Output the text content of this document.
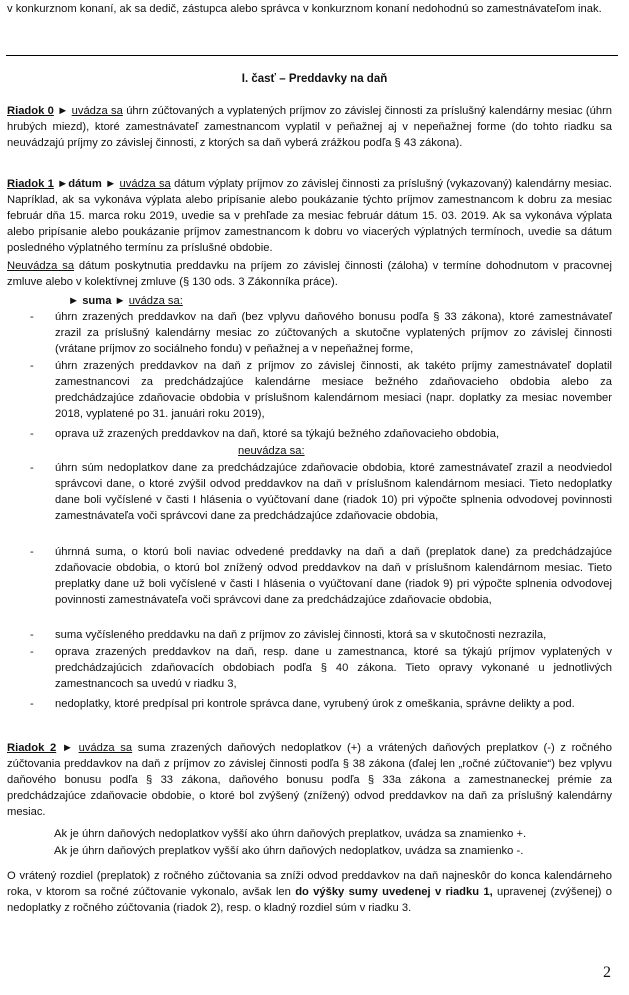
v konkurznom konaní, ak sa dedič, zástupca alebo správca v konkurznom konaní nedohodnú so zamestnávateľom inak.
I. časť – Preddavky na daň
Riadok 0 ► uvádza sa úhrn zúčtovaných a vyplatených príjmov zo závislej činnosti za príslušný kalendárny mesiac (úhrn hrubých miezd), ktoré zamestnávateľ zamestnancom vyplatil v peňažnej aj v nepeňažnej forme (do tohto riadku sa neuvádzajú príjmy zo závislej činnosti, z ktorých sa daň vyberá zrážkou podľa § 43 zákona).
Riadok 1 ►dátum ► uvádza sa dátum výplaty príjmov zo závislej činnosti za príslušný (vykazovaný) kalendárny mesiac. Napríklad, ak sa vykonáva výplata alebo pripísanie alebo poukázanie týchto príjmov zamestnancom k dobru za mesiac február dňa 15. marca roku 2019, uvedie sa v prehľade za mesiac február dátum 15. 03. 2019. Ak sa vykonáva výplata alebo pripísanie alebo poukázanie príjmov zamestnancom k dobru vo viacerých výplatných termínoch, uvedie sa dátum posledného výplatného termínu za príslušné obdobie.
Neuvádza sa dátum poskytnutia preddavku na príjem zo závislej činnosti (záloha) v termíne dohodnutom v pracovnej zmluve alebo v kolektívnej zmluve (§ 130 ods. 3 Zákonníka práce).
► suma ► uvádza sa:
-	úhrn zrazených preddavkov na daň (bez vplyvu daňového bonusu podľa § 33 zákona), ktoré zamestnávateľ zrazil za príslušný kalendárny mesiac zo zúčtovaných a skutočne vyplatených príjmov zo závislej činnosti (vrátane príjmov zo sociálneho fondu) v peňažnej a v nepeňažnej forme,
-	úhrn zrazených preddavkov na daň z príjmov zo závislej činnosti, ak takéto príjmy zamestnávateľ doplatil zamestnancovi za predchádzajúce kalendárne mesiace bežného zdaňovacieho obdobia alebo za predchádzajúce zdaňovacie obdobia v príslušnom kalendárnom mesiaci (napr. doplatky za mesiac november 2018, vyplatené po 31. januári roku 2019),
-	oprava už zrazených preddavkov na daň, ktoré sa týkajú bežného zdaňovacieho obdobia,
neuvádza sa:
-	úhrn súm nedoplatkov dane za predchádzajúce zdaňovacie obdobia, ktoré zamestnávateľ zrazil a neodviedol správcovi dane, o ktoré zvýšil odvod preddavkov na daň v príslušnom kalendárnom mesiaci. Tieto nedoplatky dane boli vyčíslené v časti I hlásenia o vyúčtovaní dane (riadok 10) pri výpočte splnenia odvodovej povinnosti zamestnávateľa voči správcovi dane za predchádzajúce zdaňovacie obdobia,
-	úhrnná suma, o ktorú boli naviac odvedené preddavky na daň a daň (preplatok dane) za predchádzajúce zdaňovacie obdobia, o ktorú bol znížený odvod preddavkov na daň v príslušnom kalendárnom mesiac. Tieto preplatky dane už boli vyčíslené v časti I hlásenia o vyúčtovaní dane (riadok 9) pri výpočte splnenia odvodovej povinnosti zamestnávateľa voči správcovi dane za predchádzajúce zdaňovacie obdobia,
-	suma vyčísleného preddavku na daň z príjmov zo závislej činnosti, ktorá sa v skutočnosti nezrazila,
-	oprava zrazených preddavkov na daň, resp. dane u zamestnanca, ktoré sa týkajú príjmov vyplatených v predchádzajúcich zdaňovacích obdobiach podľa § 40 zákona. Tieto opravy vykonané u jednotlivých zamestnancoch sa uvedú v riadku 3,
-	nedoplatky, ktoré predpísal pri kontrole správca dane, vyrubený úrok z omeškania, správne delikty a pod.
Riadok 2 ► uvádza sa suma zrazených daňových nedoplatkov (+) a vrátených daňových preplatkov (-) z ročného zúčtovania preddavkov na daň z príjmov zo závislej činnosti podľa § 38 zákona (ďalej len „ročné zúčtovanie“) bez vplyvu daňového bonusu podľa § 33 zákona, daňového bonusu podľa § 33a zákona a zamestnaneckej prémie za predchádzajúce zdaňovacie obdobie, o ktoré bol zvýšený (znížený) odvod preddavkov na daň za príslušný kalendárny mesiac.
Ak je úhrn daňových nedoplatkov vyšší ako úhrn daňových preplatkov, uvádza sa znamienko +.
Ak je úhrn daňových preplatkov vyšší ako úhrn daňových nedoplatkov, uvádza sa znamienko -.
O vrátený rozdiel (preplatok) z ročného zúčtovania sa zníži odvod preddavkov na daň najneskôr do konca kalendárneho roka, v ktorom sa ročné zúčtovanie vykonalo, avšak len do výšky sumy uvedenej v riadku 1, upravenej (zvýšenej) o nedoplatky z ročného zúčtovania (riadok 2), resp. o kladný rozdiel súm v riadku 3.
2
